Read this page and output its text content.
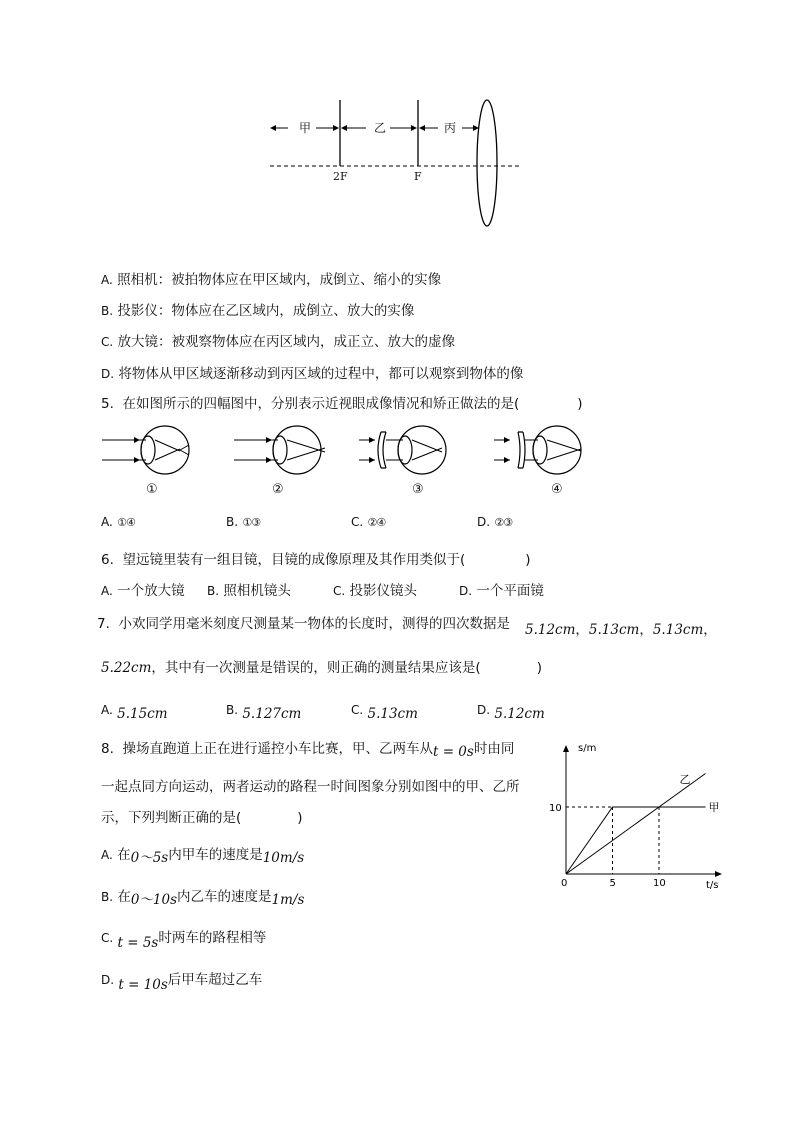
甲	乙	丙
2F	F
A. 照相机：被拍物体应在甲区域内，成倒立、缩小的实像
B. 投影仪：物体应在乙区域内，成倒立、放大的实像
C. 放大镜：被观察物体应在丙区域内，成正立、放大的虚像
D. 将物体从甲区域逐渐移动到丙区域的过程中，都可以观察到物体的像
5. 在如图所示的四幅图中，分别表示近视眼成像情况和矫正做法的是(	)
①	②	③	④
A. ①④	B. ①③	C. ②④	D. ②③
6. 望远镜里装有一组目镜，目镜的成像原理及其作用类似于(	)
A. 一个放大镜 B. 照相机镜头	C. 投影仪镜头	D. 一个平面镜
7. 小欢同学用毫米刻度尺测量某一物体的长度时，测得的四次数据是 5.12cm，5.13cm，5.13cm，
5.22cm，其中有一次测量是错误的，则正确的测量结果应该是(	)
A. 5.15cm	B. 5.127cm	C. 5.13cm	D. 5.12cm
8. 操场直跑道上正在进行遥控小车比赛，甲、乙两车从t = 0s时由同
一起点同方向运动，两者运动的路程一时间图象分别如图中的甲、乙所
示，下列判断正确的是(	)
A. 在0～5s内甲车的速度是10m/s
B. 在0～10s内乙车的速度是1m/s
C. t = 5s时两车的路程相等
D. t = 10s后甲车超过乙车
甲
乙
s/m
t/s
0	5	10
10
